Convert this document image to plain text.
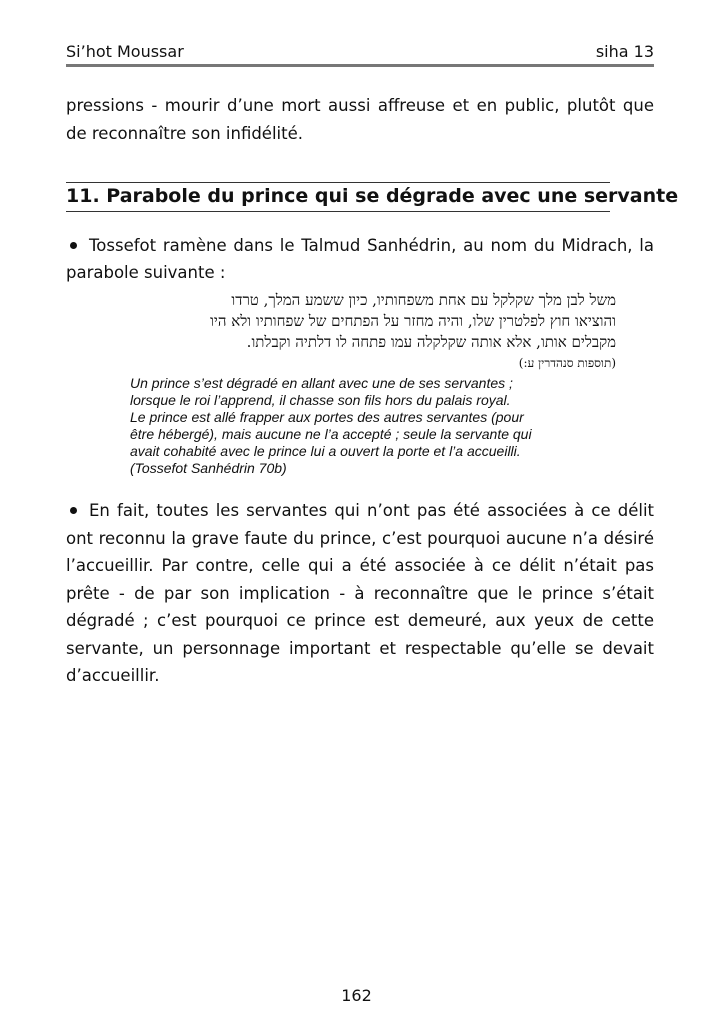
Si’hot Moussar	siha 13

pressions - mourir d’une mort aussi affreuse et en public, plutôt que de reconnaître son infidélité.

11. Parabole du prince qui se dégrade avec une servante
Tossefot ramène dans le Talmud Sanhédrin, au nom du Midrach, la parabole suivante :
משל לבן מלך שקלקל עם אחת משפחותיו, כיון ששמע המלך, טרדו
והוציאו חוץ לפלטרין שלו, והיה מחזר על הפתחים של שפחותיו ולא היו
מקבלים אותו, אלא אותה שקלקלה עמו פתחה לו דלתיה וקבלתו.
(תוספות סנהדרין ע:)
Un prince s’est dégradé en allant avec une de ses servantes ;
lorsque le roi l’apprend, il chasse son fils hors du palais royal.
Le prince est allé frapper aux portes des autres servantes (pour
être hébergé), mais aucune ne l’a accepté ; seule la servante qui
avait cohabité avec le prince lui a ouvert la porte et l’a accueilli.
(Tossefot Sanhédrin 70b)
En fait, toutes les servantes qui n’ont pas été associées à ce délit ont reconnu la grave faute du prince, c’est pourquoi aucune n’a désiré l’accueillir. Par contre, celle qui a été associée à ce délit n’était pas prête - de par son implication - à reconnaître que le prince s’était dégradé ; c’est pourquoi ce prince est demeuré, aux yeux de cette servante, un personnage important et respectable qu’elle se devait d’accueillir.
162
